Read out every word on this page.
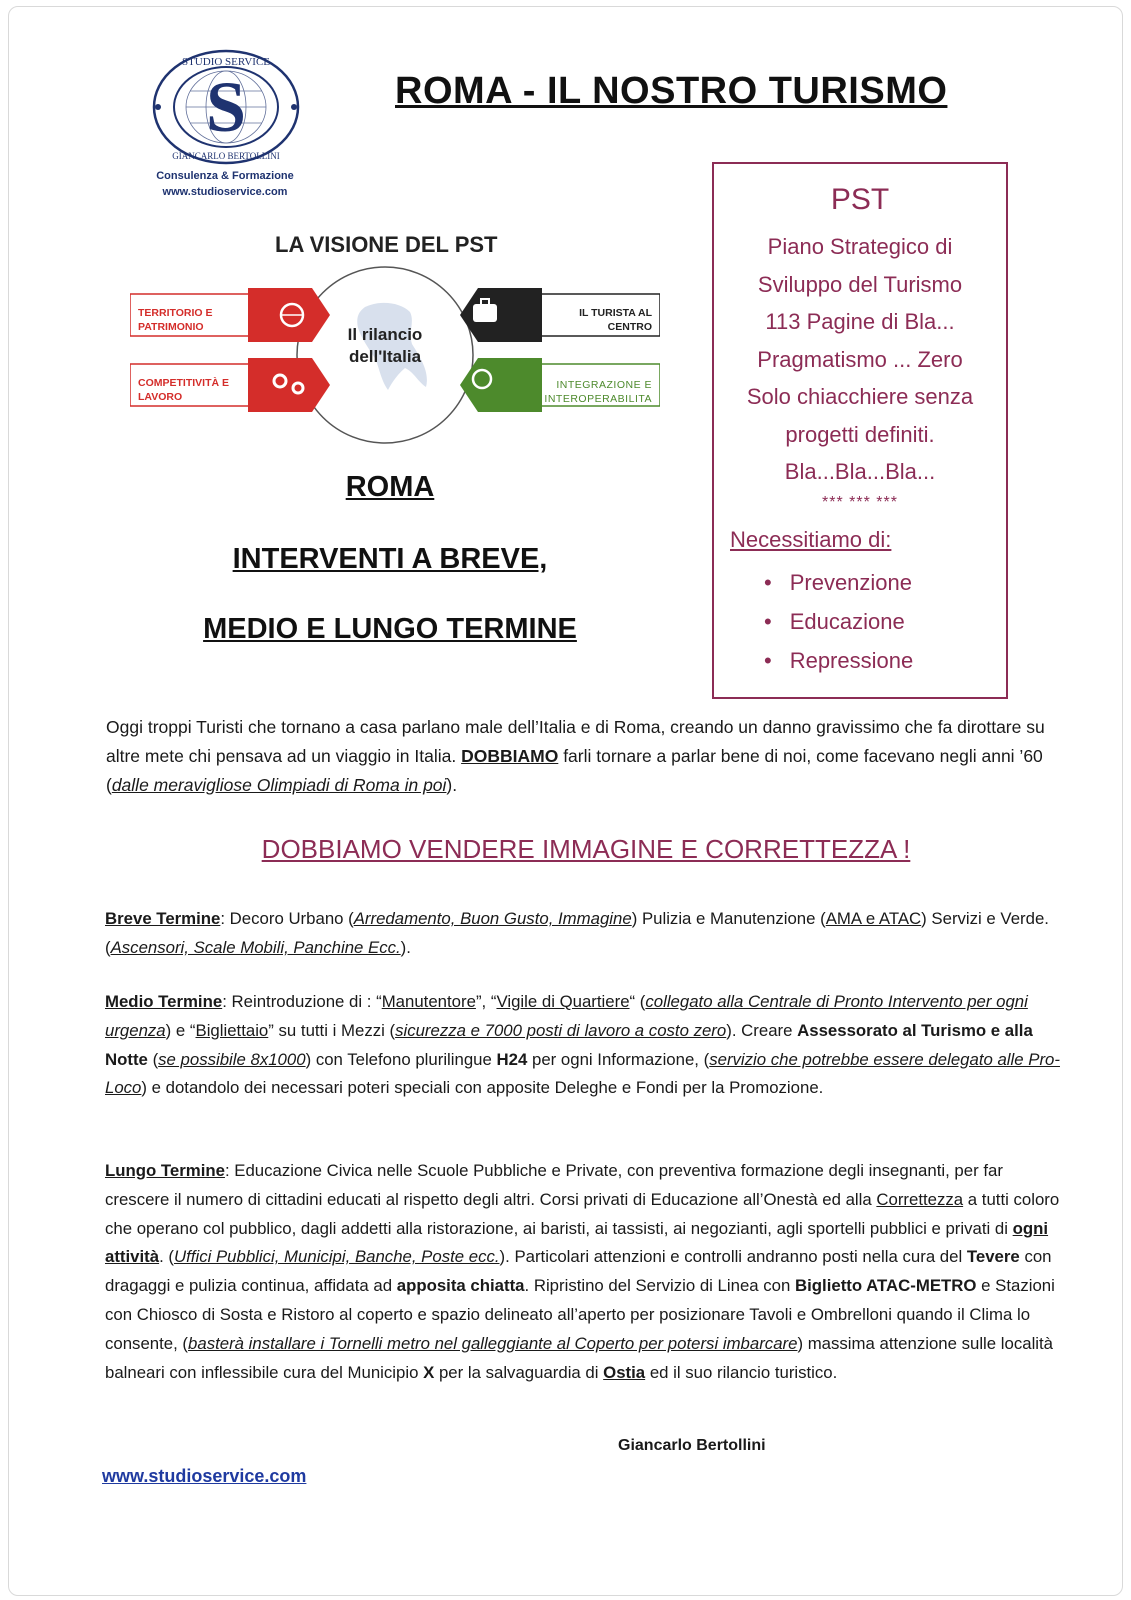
S
STUDIO SERVICE
GIANCARLO BERTOLLINI
Consulenza & Formazione
www.studioservice.com
ROMA - IL NOSTRO TURISMO
LA VISIONE DEL PST
TERRITORIO E
PATRIMONIO
COMPETITIVITÀ E
LAVORO
IL TURISTA AL
CENTRO
INTEGRAZIONE E
INTEROPERABILITA
Il rilancio
dell'Italia
ROMA
INTERVENTI A BREVE,
MEDIO E LUNGO TERMINE
PST
Piano Strategico di
Sviluppo del Turismo
113 Pagine di Bla...
Pragmatismo ... Zero
Solo chiacchiere senza
progetti definiti.
Bla...Bla...Bla...
*** *** ***
Necessitiamo di:
• Prevenzione
• Educazione
• Repressione
Oggi troppi Turisti che tornano a casa parlano male dell’Italia e di Roma, creando un danno gravissimo che fa dirottare su altre mete chi pensava ad un viaggio in Italia. DOBBIAMO farli tornare a parlar bene di noi, come facevano negli anni ’60 (dalle meravigliose Olimpiadi di Roma in poi).
DOBBIAMO VENDERE IMMAGINE E CORRETTEZZA !
Breve Termine: Decoro Urbano (Arredamento, Buon Gusto, Immagine) Pulizia e Manutenzione (AMA e ATAC) Servizi e Verde. (Ascensori, Scale Mobili, Panchine Ecc.).
Medio Termine: Reintroduzione di : “Manutentore”, “Vigile di Quartiere“ (collegato alla Centrale di Pronto Intervento per ogni urgenza) e “Bigliettaio” su tutti i Mezzi (sicurezza e 7000 posti di lavoro a costo zero). Creare Assessorato al Turismo e alla Notte (se possibile 8x1000) con Telefono plurilingue H24 per ogni Informazione, (servizio che potrebbe essere delegato alle Pro-Loco) e dotandolo dei necessari poteri speciali con apposite Deleghe e Fondi per la Promozione.
Lungo Termine: Educazione Civica nelle Scuole Pubbliche e Private, con preventiva formazione degli insegnanti, per far crescere il numero di cittadini educati al rispetto degli altri. Corsi privati di Educazione all’Onestà ed alla Correttezza a tutti coloro che operano col pubblico, dagli addetti alla ristorazione, ai baristi, ai tassisti, ai negozianti, agli sportelli pubblici e privati di ogni attività. (Uffici Pubblici, Municipi, Banche, Poste ecc.). Particolari attenzioni e controlli andranno posti nella cura del Tevere con dragaggi e pulizia continua, affidata ad apposita chiatta. Ripristino del Servizio di Linea con Biglietto ATAC-METRO e Stazioni con Chiosco di Sosta e Ristoro al coperto e spazio delineato all’aperto per posizionare Tavoli e Ombrelloni quando il Clima lo consente, (basterà installare i Tornelli metro nel galleggiante al Coperto per potersi imbarcare) massima attenzione sulle località balneari con inflessibile cura del Municipio X per la salvaguardia di Ostia ed il suo rilancio turistico.
Giancarlo Bertollini
www.studioservice.com
